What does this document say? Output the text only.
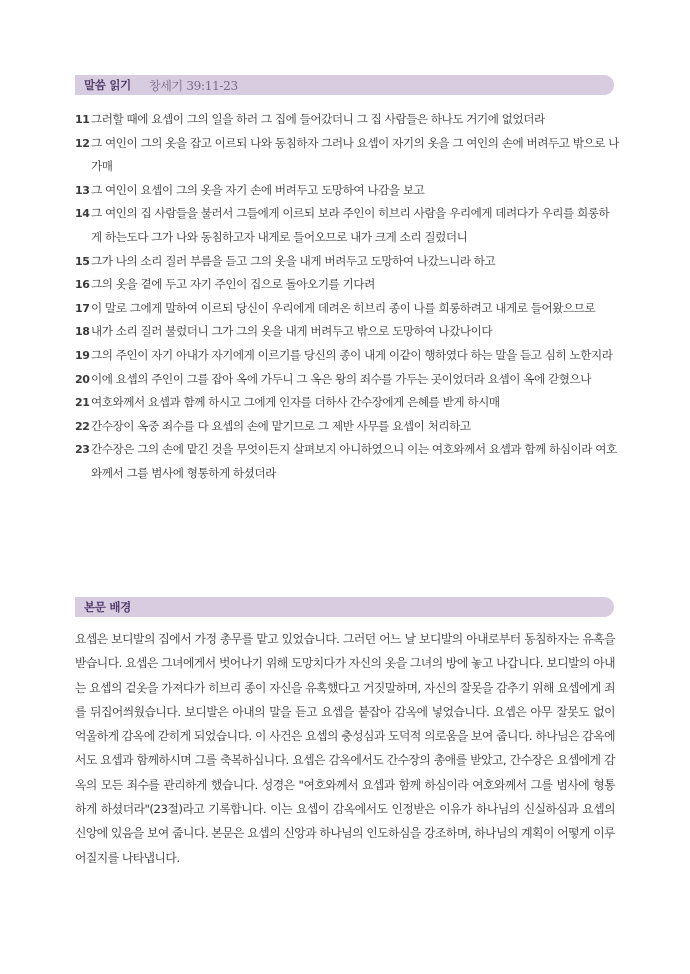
말씀 읽기 창세기 39:11-23
11 그러할 때에 요셉이 그의 일을 하러 그 집에 들어갔더니 그 집 사람들은 하나도 거기에 없었더라
12 그 여인이 그의 옷을 잡고 이르되 나와 동침하자 그러나 요셉이 자기의 옷을 그 여인의 손에 버려두고 밖으로 나가매
13 그 여인이 요셉이 그의 옷을 자기 손에 버려두고 도망하여 나감을 보고
14 그 여인의 집 사람들을 불러서 그들에게 이르되 보라 주인이 히브리 사람을 우리에게 데려다가 우리를 희롱하게 하는도다 그가 나와 동침하고자 내게로 들어오므로 내가 크게 소리 질렀더니
15 그가 나의 소리 질러 부름을 듣고 그의 옷을 내게 버려두고 도망하여 나갔느니라 하고
16 그의 옷을 곁에 두고 자기 주인이 집으로 돌아오기를 기다려
17 이 말로 그에게 말하여 이르되 당신이 우리에게 데려온 히브리 종이 나를 희롱하려고 내게로 들어왔으므로
18 내가 소리 질러 불렀더니 그가 그의 옷을 내게 버려두고 밖으로 도망하여 나갔나이다
19 그의 주인이 자기 아내가 자기에게 이르기를 당신의 종이 내게 이같이 행하였다 하는 말을 듣고 심히 노한지라
20 이에 요셉의 주인이 그를 잡아 옥에 가두니 그 옥은 왕의 죄수를 가두는 곳이었더라 요셉이 옥에 갇혔으나
21 여호와께서 요셉과 함께 하시고 그에게 인자를 더하사 간수장에게 은혜를 받게 하시매
22 간수장이 옥중 죄수를 다 요셉의 손에 맡기므로 그 제반 사무를 요셉이 처리하고
23 간수장은 그의 손에 맡긴 것을 무엇이든지 살펴보지 아니하였으니 이는 여호와께서 요셉과 함께 하심이라 여호와께서 그를 범사에 형통하게 하셨더라
본문 배경
요셉은 보디발의 집에서 가정 총무를 맡고 있었습니다. 그러던 어느 날 보디발의 아내로부터 동침하자는 유혹을 받습니다. 요셉은 그녀에게서 벗어나기 위해 도망치다가 자신의 옷을 그녀의 방에 놓고 나갑니다. 보디발의 아내는 요셉의 겉옷을 가져다가 히브리 종이 자신을 유혹했다고 거짓말하며, 자신의 잘못을 감추기 위해 요셉에게 죄를 뒤집어씌웠습니다. 보디발은 아내의 말을 듣고 요셉을 붙잡아 감옥에 넣었습니다. 요셉은 아무 잘못도 없이 억울하게 감옥에 갇히게 되었습니다. 이 사건은 요셉의 충성심과 도덕적 의로움을 보여 줍니다. 하나님은 감옥에서도 요셉과 함께하시며 그를 축복하십니다. 요셉은 감옥에서도 간수장의 총애를 받았고, 간수장은 요셉에게 감옥의 모든 죄수를 관리하게 했습니다. 성경은 "여호와께서 요셉과 함께 하심이라 여호와께서 그를 범사에 형통하게 하셨더라"(23절)라고 기록합니다. 이는 요셉이 감옥에서도 인정받은 이유가 하나님의 신실하심과 요셉의 신앙에 있음을 보여 줍니다. 본문은 요셉의 신앙과 하나님의 인도하심을 강조하며, 하나님의 계획이 어떻게 이루어질지를 나타냅니다.
